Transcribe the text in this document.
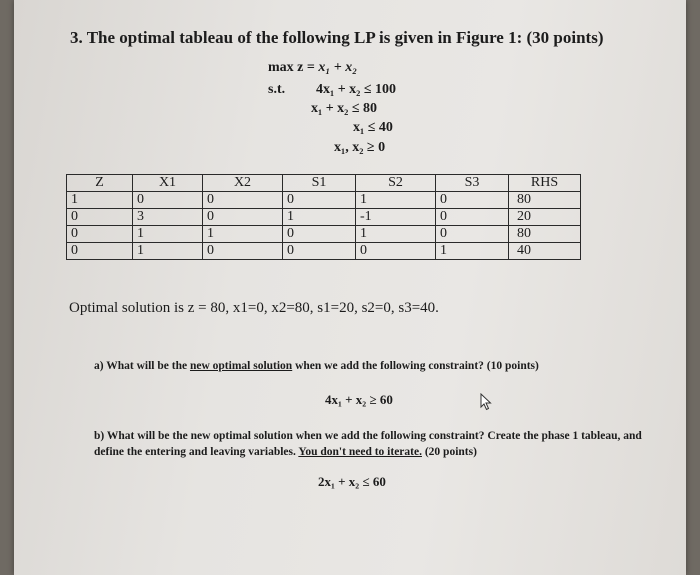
3. The optimal tableau of the following LP is given in Figure 1: (30 points)
max z = x₁ + x₂
s.t. 4x₁ + x₂ ≤ 100
x₁ + x₂ ≤ 80
x₁ ≤ 40
x₁, x₂ ≥ 0
Z	X1	X2	S1	S2	S3	RHS
1	0	0	0	1	0	80
0	3	0	1	-1	0	20
0	1	1	0	1	0	80
0	1	0	0	0	1	40
Optimal solution is z = 80, x1=0, x2=80, s1=20, s2=0, s3=40.
a) What will be the new optimal solution when we add the following constraint? (10 points)
4x₁ + x₂ ≥ 60
b) What will be the new optimal solution when we add the following constraint? Create the phase 1 tableau, and define the entering and leaving variables. You don't need to iterate. (20 points)
2x₁ + x₂ ≤ 60
